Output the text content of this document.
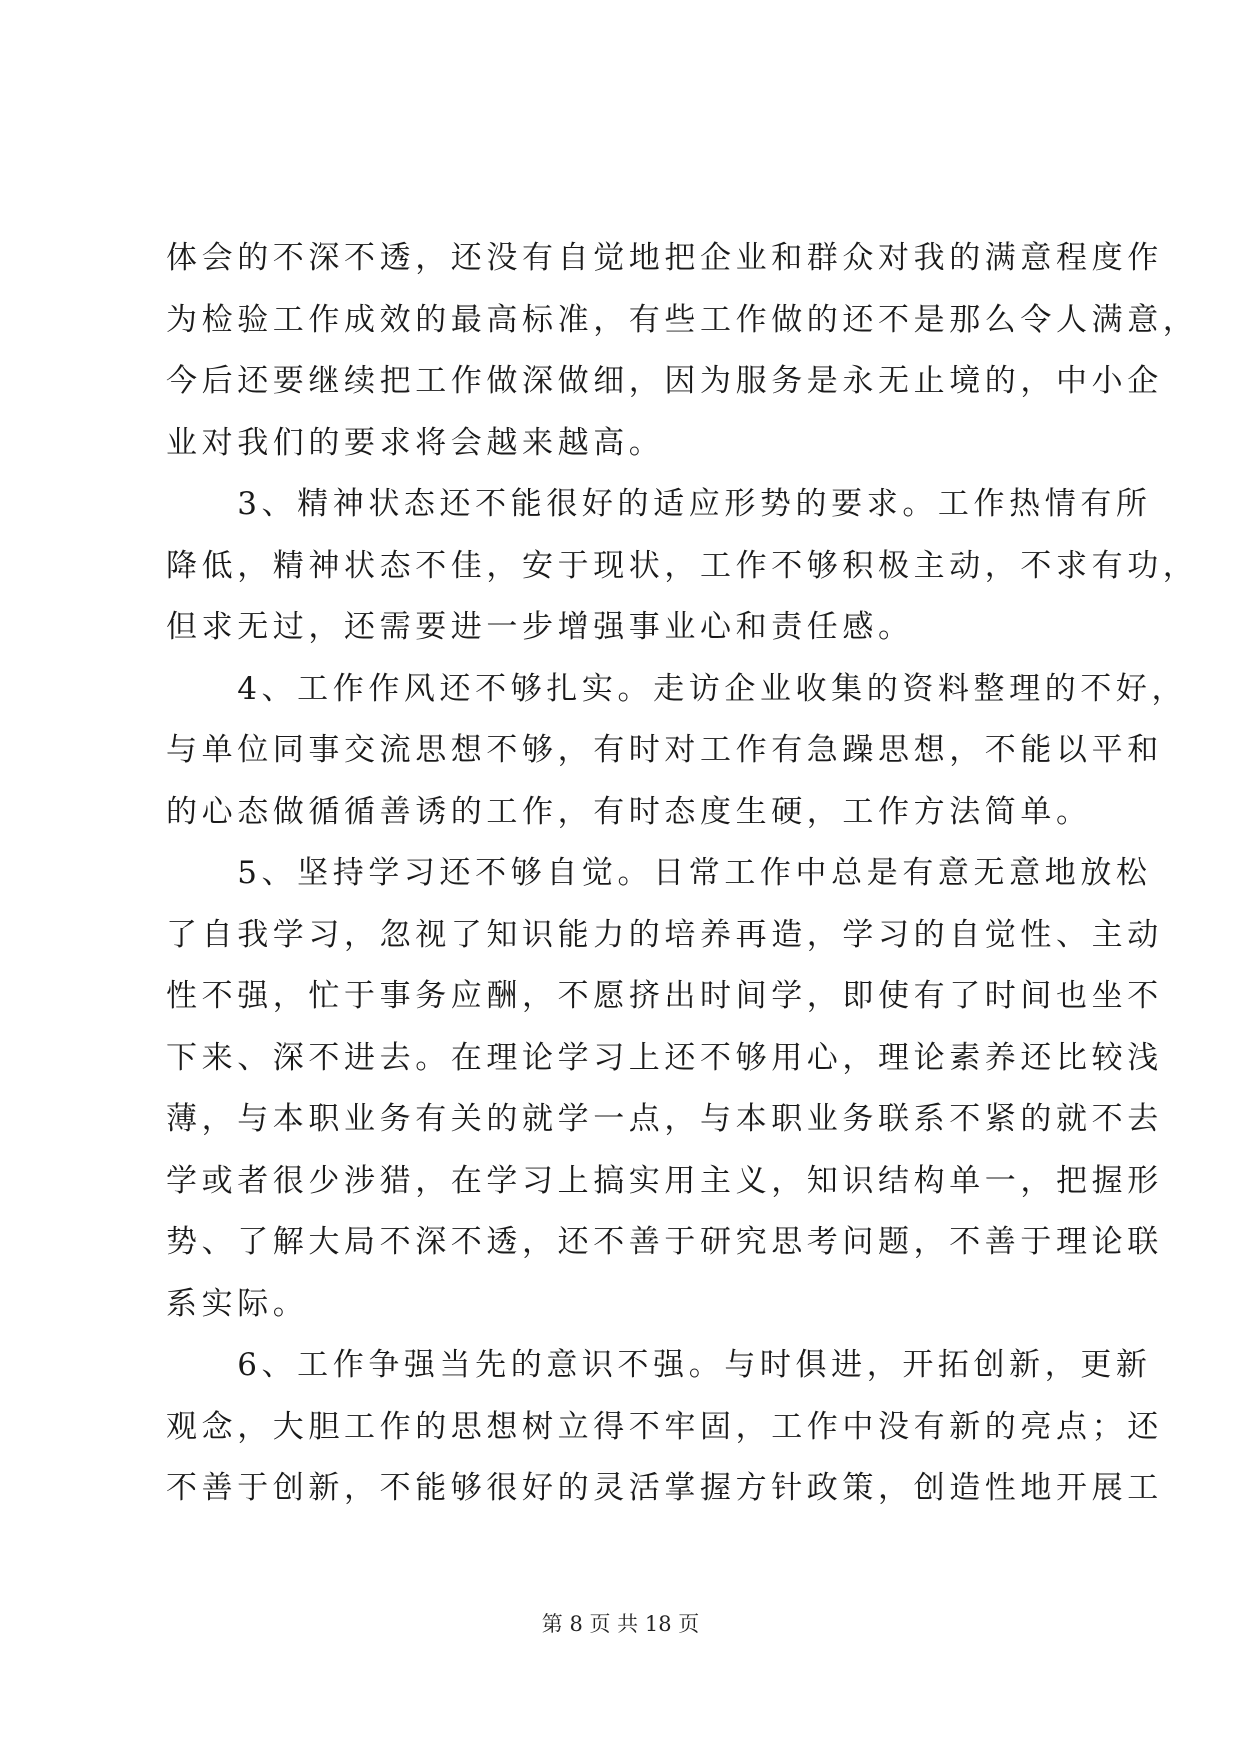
体会的不深不透，还没有自觉地把企业和群众对我的满意程度作
为检验工作成效的最高标准，有些工作做的还不是那么令人满意，
今后还要继续把工作做深做细，因为服务是永无止境的，中小企
业对我们的要求将会越来越高。
　　3、精神状态还不能很好的适应形势的要求。工作热情有所
降低，精神状态不佳，安于现状，工作不够积极主动，不求有功，
但求无过，还需要进一步增强事业心和责任感。
　　4、工作作风还不够扎实。走访企业收集的资料整理的不好，
与单位同事交流思想不够，有时对工作有急躁思想，不能以平和
的心态做循循善诱的工作，有时态度生硬，工作方法简单。
　　5、坚持学习还不够自觉。日常工作中总是有意无意地放松
了自我学习，忽视了知识能力的培养再造，学习的自觉性、主动
性不强，忙于事务应酬，不愿挤出时间学，即使有了时间也坐不
下来、深不进去。在理论学习上还不够用心，理论素养还比较浅
薄，与本职业务有关的就学一点，与本职业务联系不紧的就不去
学或者很少涉猎，在学习上搞实用主义，知识结构单一，把握形
势、了解大局不深不透，还不善于研究思考问题，不善于理论联
系实际。
　　6、工作争强当先的意识不强。与时俱进，开拓创新，更新
观念，大胆工作的思想树立得不牢固，工作中没有新的亮点；还
不善于创新，不能够很好的灵活掌握方针政策，创造性地开展工
第 8 页 共 18 页
